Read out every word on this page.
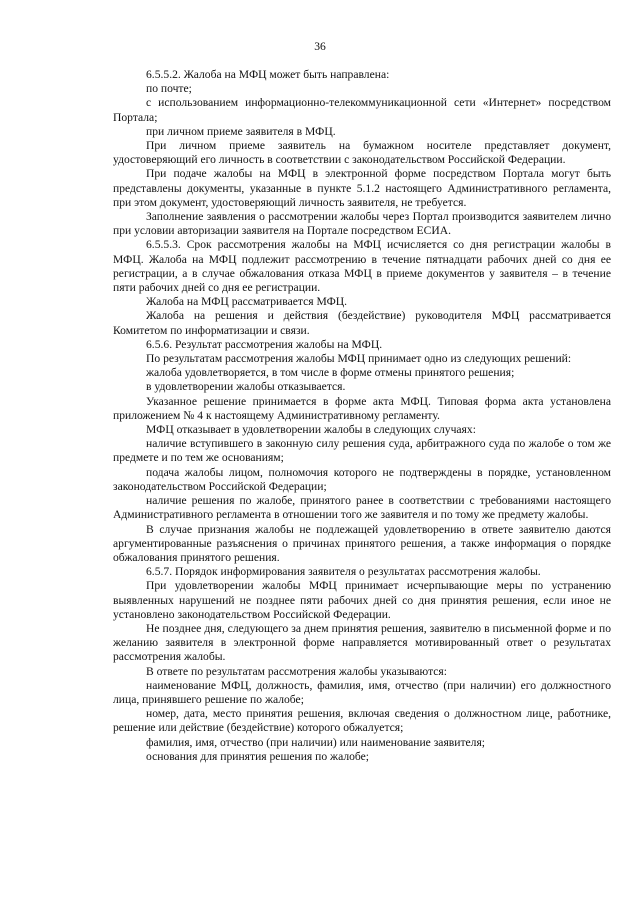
36

6.5.5.2. Жалоба на МФЦ может быть направлена:

по почте;

с использованием информационно-телекоммуникационной сети «Интернет» посредством Портала;

при личном приеме заявителя в МФЦ.

При личном приеме заявитель на бумажном носителе представляет документ, удостоверяющий его личность в соответствии с законодательством Российской Федерации.

При подаче жалобы на МФЦ в электронной форме посредством Портала могут быть представлены документы, указанные в пункте 5.1.2 настоящего Административного регламента, при этом документ, удостоверяющий личность заявителя, не требуется.

Заполнение заявления о рассмотрении жалобы через Портал производится заявителем лично при условии авторизации заявителя на Портале посредством ЕСИА.

6.5.5.3. Срок рассмотрения жалобы на МФЦ исчисляется со дня регистрации жалобы в МФЦ. Жалоба на МФЦ подлежит рассмотрению в течение пятнадцати рабочих дней со дня ее регистрации, а в случае обжалования отказа МФЦ в приеме документов у заявителя – в течение пяти рабочих дней со дня ее регистрации.

Жалоба на МФЦ рассматривается МФЦ.

Жалоба на решения и действия (бездействие) руководителя МФЦ рассматривается Комитетом по информатизации и связи.

6.5.6. Результат рассмотрения жалобы на МФЦ.

По результатам рассмотрения жалобы МФЦ принимает одно из следующих решений:

жалоба удовлетворяется, в том числе в форме отмены принятого решения;

в удовлетворении жалобы отказывается.

Указанное решение принимается в форме акта МФЦ. Типовая форма акта установлена приложением № 4 к настоящему Административному регламенту.

МФЦ отказывает в удовлетворении жалобы в следующих случаях:

наличие вступившего в законную силу решения суда, арбитражного суда по жалобе о том же предмете и по тем же основаниям;

подача жалобы лицом, полномочия которого не подтверждены в порядке, установленном законодательством Российской Федерации;

наличие решения по жалобе, принятого ранее в соответствии с требованиями настоящего Административного регламента в отношении того же заявителя и по тому же предмету жалобы.

В случае признания жалобы не подлежащей удовлетворению в ответе заявителю даются аргументированные разъяснения о причинах принятого решения, а также информация о порядке обжалования принятого решения.

6.5.7. Порядок информирования заявителя о результатах рассмотрения жалобы.

При удовлетворении жалобы МФЦ принимает исчерпывающие меры по устранению выявленных нарушений не позднее пяти рабочих дней со дня принятия решения, если иное не установлено законодательством Российской Федерации.

Не позднее дня, следующего за днем принятия решения, заявителю в письменной форме и по желанию заявителя в электронной форме направляется мотивированный ответ о результатах рассмотрения жалобы.

В ответе по результатам рассмотрения жалобы указываются:

наименование МФЦ, должность, фамилия, имя, отчество (при наличии) его должностного лица, принявшего решение по жалобе;

номер, дата, место принятия решения, включая сведения о должностном лице, работнике, решение или действие (бездействие) которого обжалуется;

фамилия, имя, отчество (при наличии) или наименование заявителя;

основания для принятия решения по жалобе;
